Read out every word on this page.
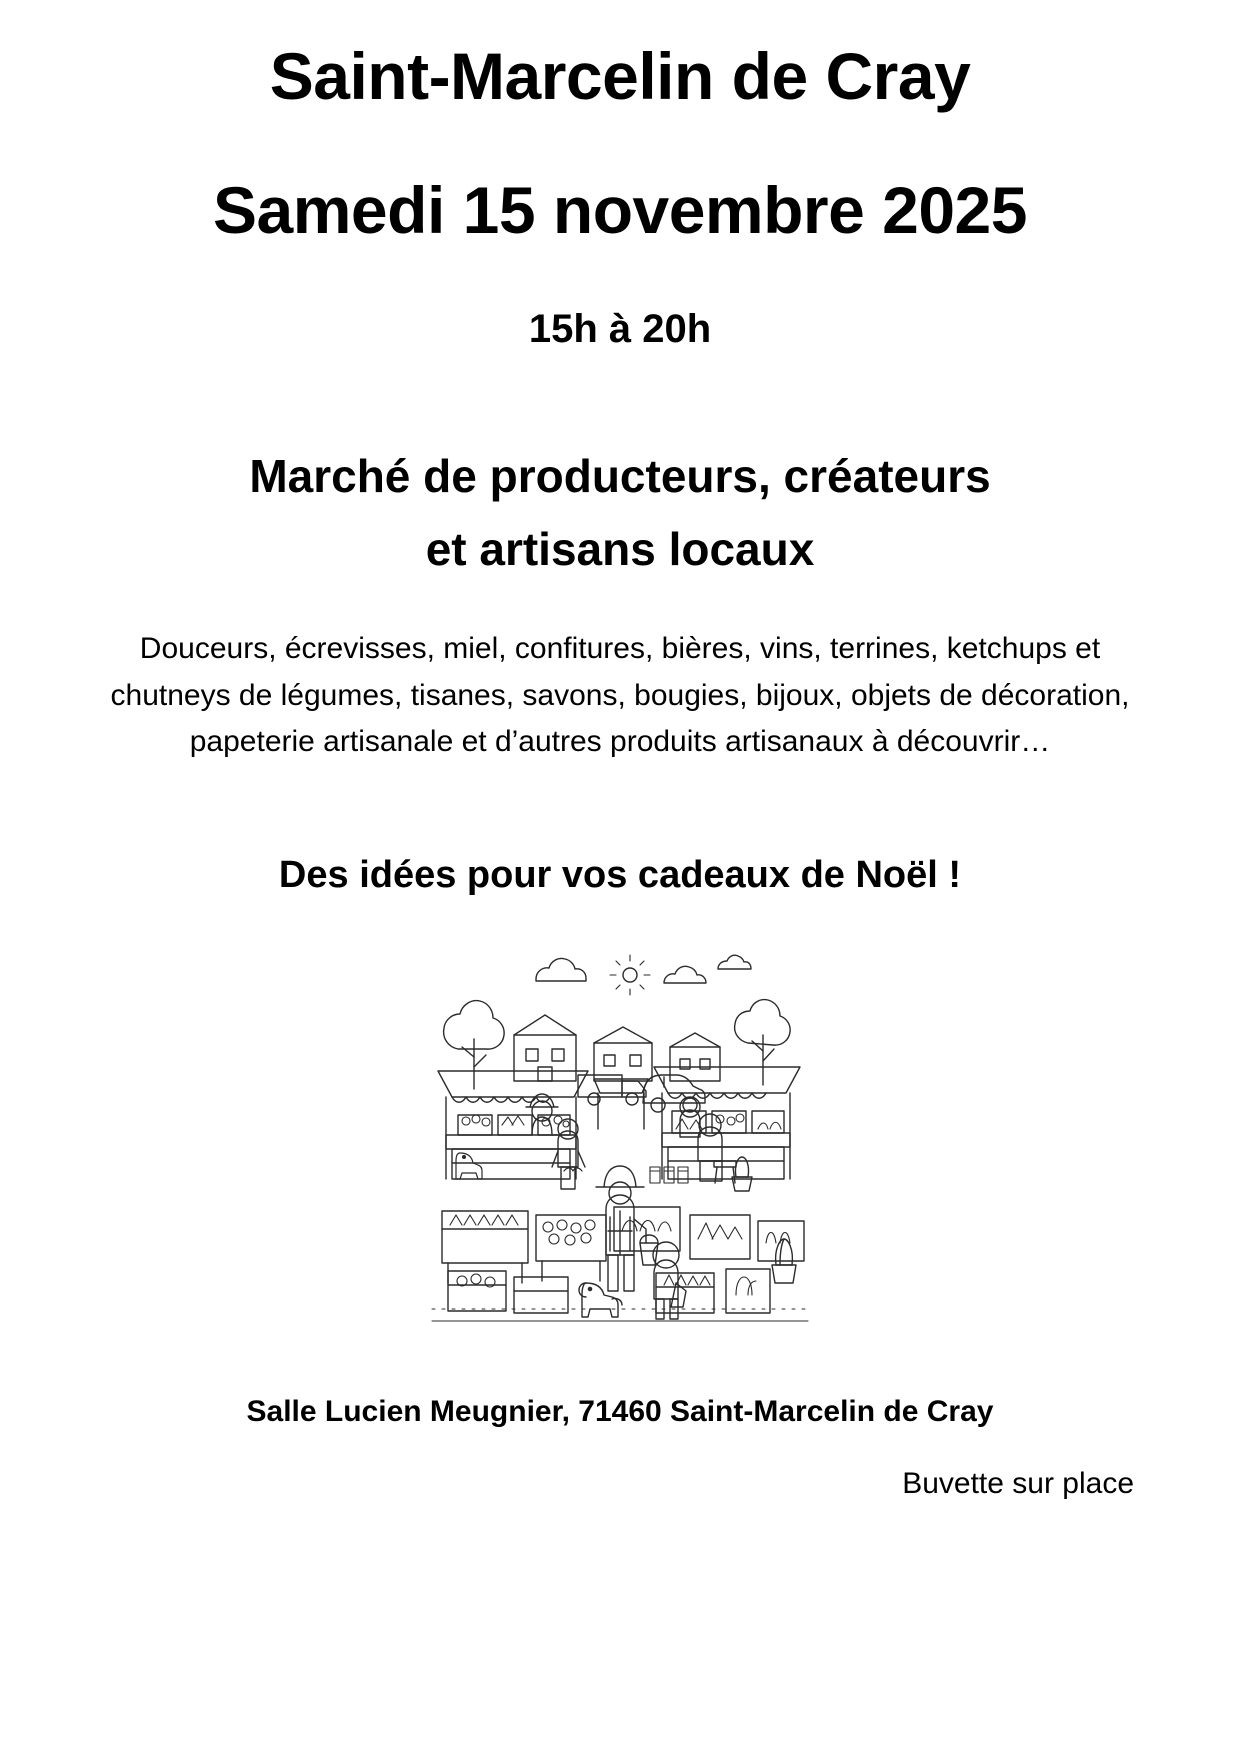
Saint-Marcelin de Cray
Samedi 15 novembre 2025
15h à 20h
Marché de producteurs, créateurs
et artisans locaux
Douceurs, écrevisses, miel, confitures, bières, vins, terrines, ketchups et chutneys de légumes, tisanes, savons, bougies, bijoux, objets de décoration, papeterie artisanale et d’autres produits artisanaux à découvrir…
Des idées pour vos cadeaux de Noël !
Salle Lucien Meugnier, 71460 Saint-Marcelin de Cray
Buvette sur place
